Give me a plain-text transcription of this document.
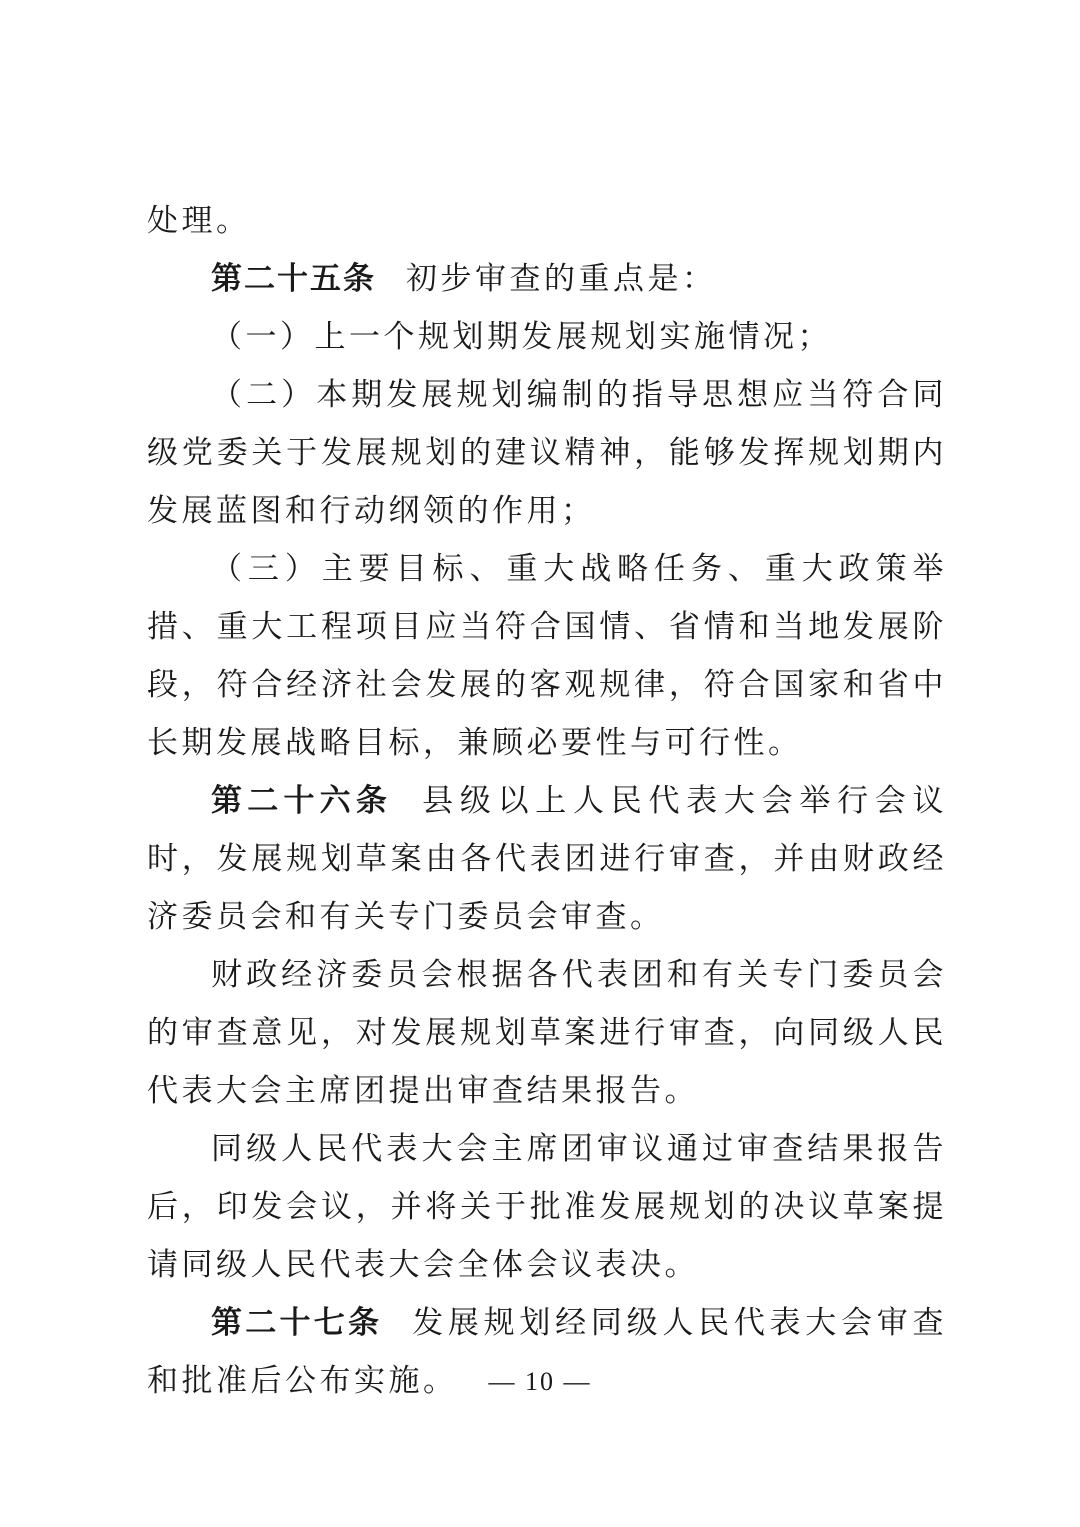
处理。

第二十五条 初步审查的重点是：

（一）上一个规划期发展规划实施情况；

（二）本期发展规划编制的指导思想应当符合同级党委关于发展规划的建议精神，能够发挥规划期内发展蓝图和行动纲领的作用；

（三）主要目标、重大战略任务、重大政策举措、重大工程项目应当符合国情、省情和当地发展阶段，符合经济社会发展的客观规律，符合国家和省中长期发展战略目标，兼顾必要性与可行性。

第二十六条 县级以上人民代表大会举行会议时，发展规划草案由各代表团进行审查，并由财政经济委员会和有关专门委员会审查。

财政经济委员会根据各代表团和有关专门委员会的审查意见，对发展规划草案进行审查，向同级人民代表大会主席团提出审查结果报告。

同级人民代表大会主席团审议通过审查结果报告后，印发会议，并将关于批准发展规划的决议草案提请同级人民代表大会全体会议表决。

第二十七条 发展规划经同级人民代表大会审查和批准后公布实施。	— 10 —
